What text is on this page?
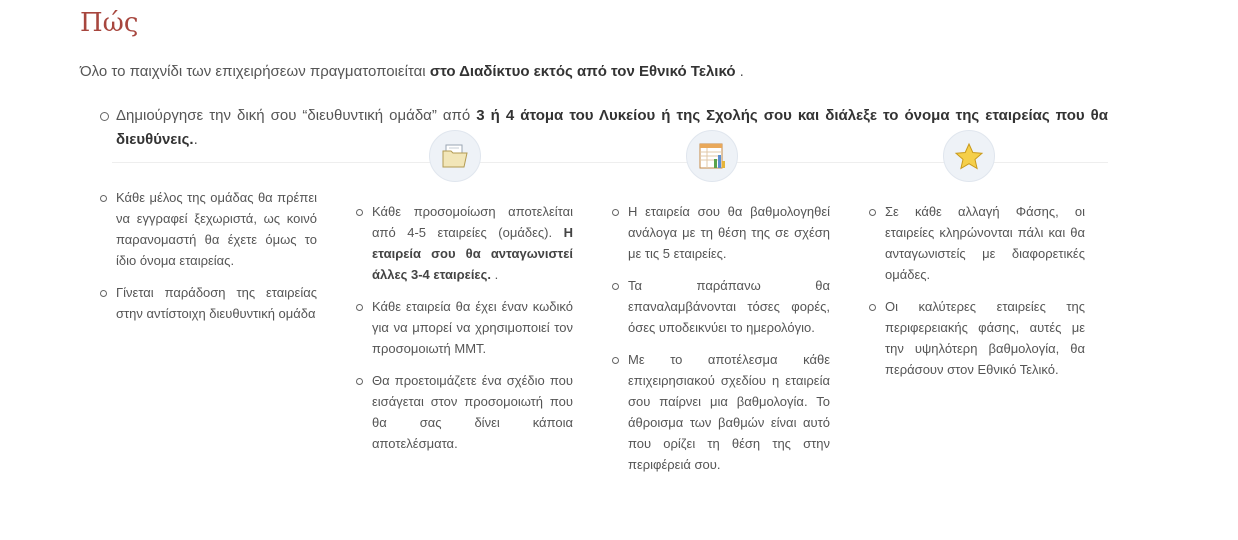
Πώς
Όλο το παιχνίδι των επιχειρήσεων πραγματοποιείται στο Διαδίκτυο εκτός από τον Εθνικό Τελικό .
Δημιούργησε την δική σου “διευθυντική ομάδα” από 3 ή 4 άτομα του Λυκείου ή της Σχολής σου και διάλεξε το όνομα της εταιρείας που θα διευθύνεις..
Κάθε μέλος της ομάδας θα πρέπει να εγγραφεί ξεχωριστά, ως κοινό παρανομαστή θα έχετε όμως το ίδιο όνομα εταιρείας.
Γίνεται παράδοση της εταιρείας στην αντίστοιχη διευθυντική ομάδα
Κάθε προσομοίωση αποτελείται από 4-5 εταιρείες (ομάδες). Η εταιρεία σου θα ανταγωνιστεί άλλες 3-4 εταιρείες. .
Κάθε εταιρεία θα έχει έναν κωδικό για να μπορεί να χρησιμοποιεί τον προσομοιωτή MMT.
Θα προετοιμάζετε ένα σχέδιο που εισάγεται στον προσομοιωτή που θα σας δίνει κάποια αποτελέσματα.
Η εταιρεία σου θα βαθμολογηθεί ανάλογα με τη θέση της σε σχέση με τις 5 εταιρείες.
Τα παράπανω θα επαναλαμβάνονται τόσες φορές, όσες υποδεικνύει το ημερολόγιο.
Με το αποτέλεσμα κάθε επιχειρησιακού σχεδίου η εταιρεία σου παίρνει μια βαθμολογία. Το άθροισμα των βαθμών είναι αυτό που ορίζει τη θέση της στην περιφέρειά σου.
Σε κάθε αλλαγή Φάσης, οι εταιρείες κληρώνονται πάλι και θα ανταγωνιστείς με διαφορετικές ομάδες.
Οι καλύτερες εταιρείες της περιφερειακής φάσης, αυτές με την υψηλότερη βαθμολογία, θα περάσουν στον Εθνικό Τελικό.
